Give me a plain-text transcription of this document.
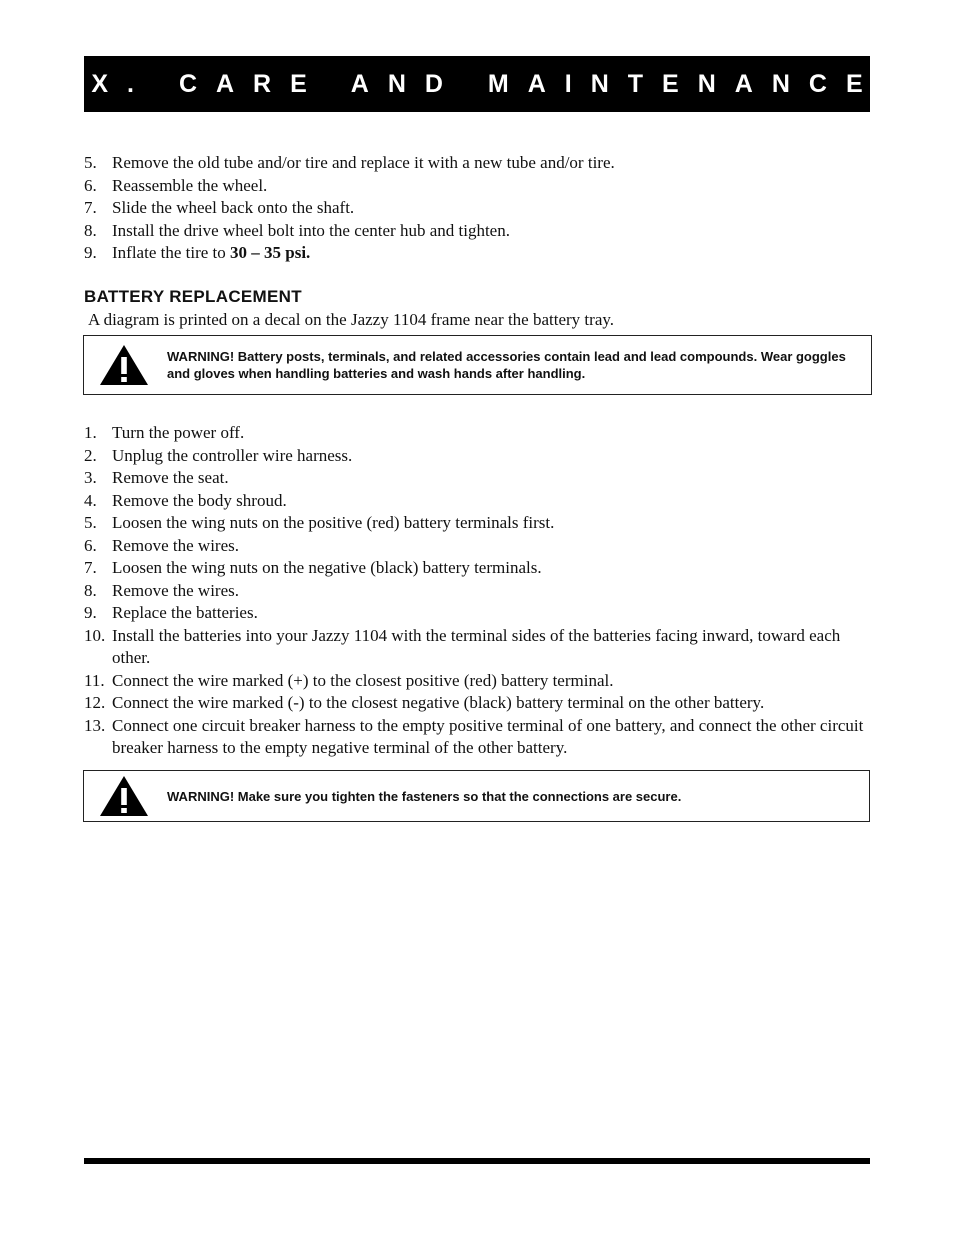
X. CARE AND MAINTENANCE
5. Remove the old tube and/or tire and replace it with a new tube and/or tire.
6. Reassemble the wheel.
7. Slide the wheel back onto the shaft.
8. Install the drive wheel bolt into the center hub and tighten.
9. Inflate the tire to 30 – 35 psi.
BATTERY REPLACEMENT
A diagram is printed on a decal on the Jazzy 1104 frame near the battery tray.
WARNING! Battery posts, terminals, and related accessories contain lead and lead compounds. Wear goggles and gloves when handling batteries and wash hands after handling.
1. Turn the power off.
2. Unplug the controller wire harness.
3. Remove the seat.
4. Remove the body shroud.
5. Loosen the wing nuts on the positive (red) battery terminals first.
6. Remove the wires.
7. Loosen the wing nuts on the negative (black) battery terminals.
8. Remove the wires.
9. Replace the batteries.
10. Install the batteries into your Jazzy 1104 with the terminal sides of the batteries facing inward, toward each other.
11. Connect the wire marked (+) to the closest positive (red) battery terminal.
12. Connect the wire marked (-) to the closest negative (black) battery terminal on the other battery.
13. Connect one circuit breaker harness to the empty positive terminal of one battery, and connect the other circuit breaker harness to the empty negative terminal of the other battery.
WARNING! Make sure you tighten the fasteners so that the connections are secure.
